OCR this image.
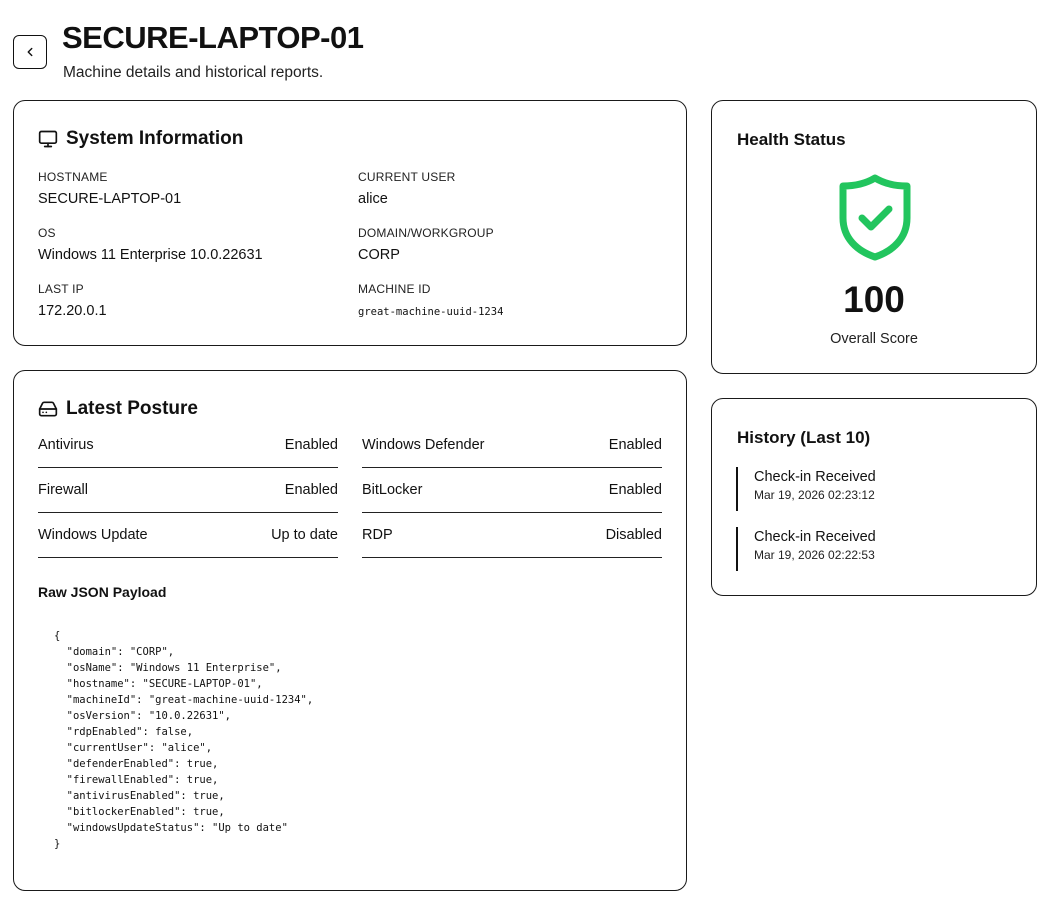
SECURE-LAPTOP-01
Machine details and historical reports.
System Information
HOSTNAME
SECURE-LAPTOP-01
CURRENT USER
alice
OS
Windows 11 Enterprise 10.0.22631
DOMAIN/WORKGROUP
CORP
LAST IP
172.20.0.1
MACHINE ID
great-machine-uuid-1234
Latest Posture
Antivirus	Enabled Windows Defender	Enabled
Firewall	Enabled BitLocker	Enabled
Windows Update	Up to date RDP	Disabled
Raw JSON Payload
{
"domain": "CORP",
"osName": "Windows 11 Enterprise",
"hostname": "SECURE-LAPTOP-01",
"machineId": "great-machine-uuid-1234",
"osVersion": "10.0.22631",
"rdpEnabled": false,
"currentUser": "alice",
"defenderEnabled": true,
"firewallEnabled": true,
"antivirusEnabled": true,
"bitlockerEnabled": true,
"windowsUpdateStatus": "Up to date"
}
Health Status
100
Overall Score
History (Last 10)
Check-in Received
Mar 19, 2026 02:23:12
Check-in Received
Mar 19, 2026 02:22:53
